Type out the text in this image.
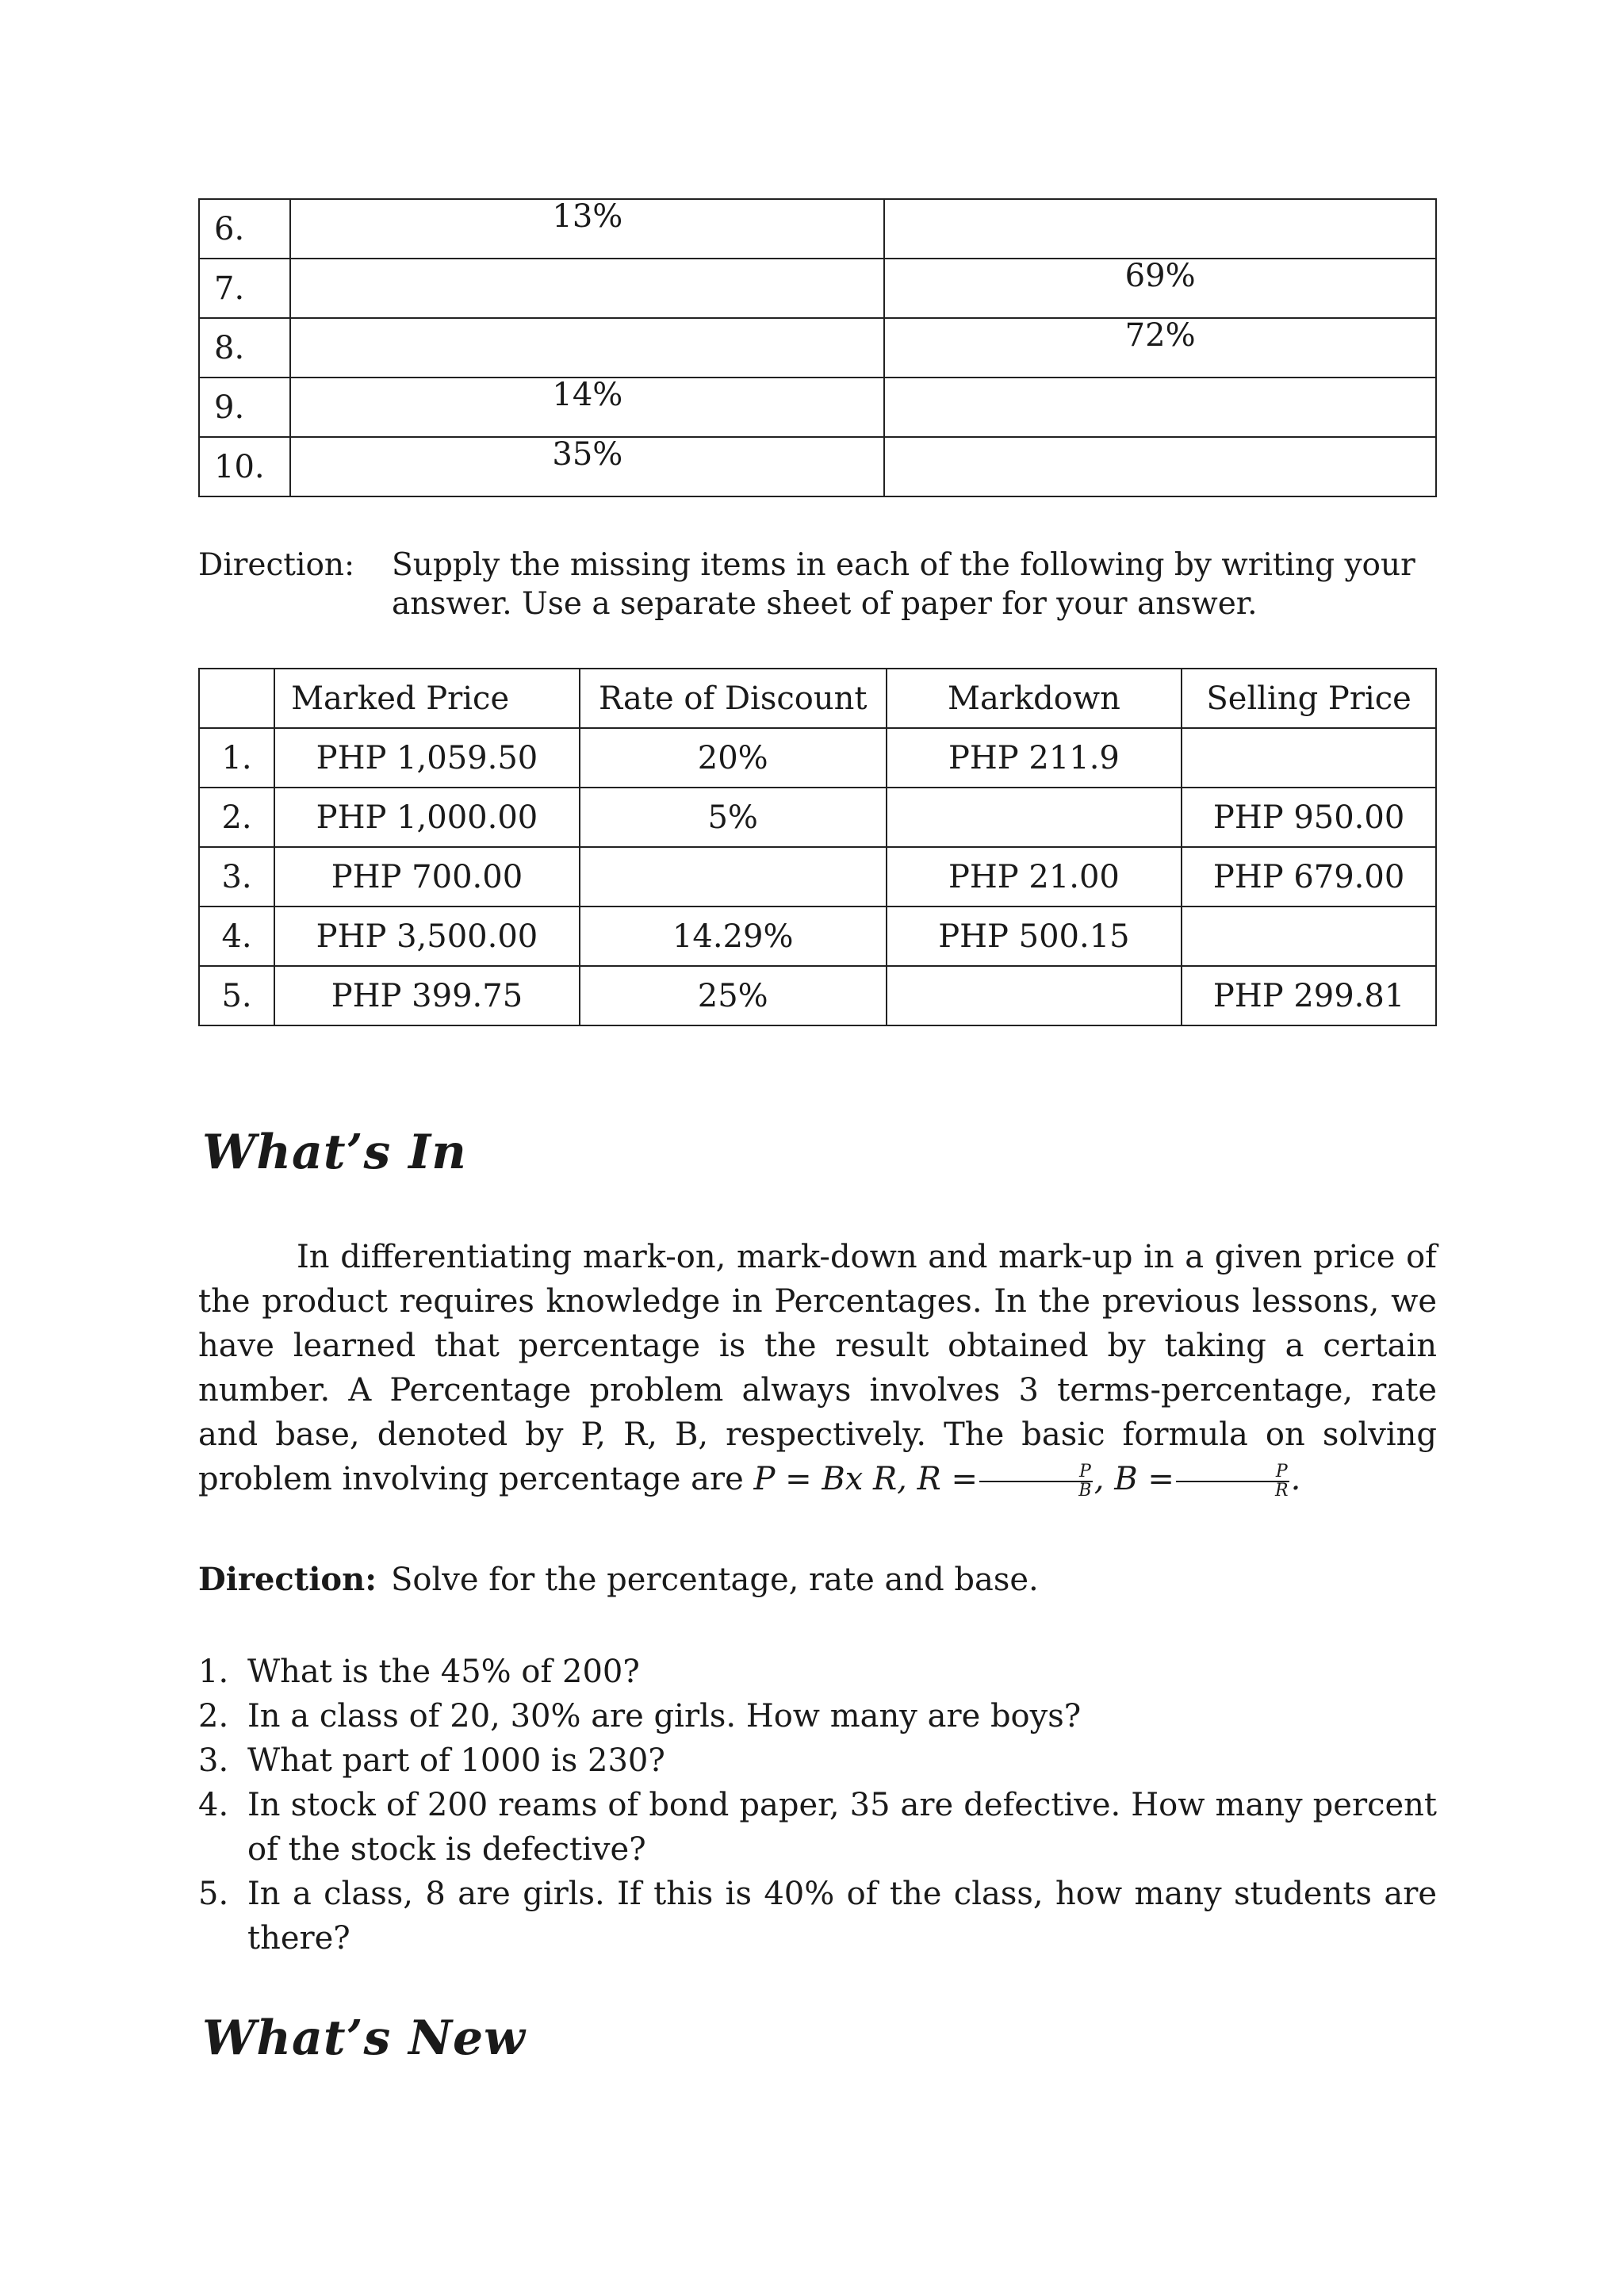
6.	13%	

7.		69%

8.		72%

9.	14%	

10.	35%	

Direction: Supply the missing items in each of the following by writing your answer. Use a separate sheet of paper for your answer.
	Marked Price	Rate of Discount	Markdown	Selling Price
1.	PHP 1,059.50	20%	PHP 211.9	
2.	PHP 1,000.00	5%		PHP 950.00
3.	PHP 700.00		PHP 21.00	PHP 679.00
4.	PHP 3,500.00	14.29%	PHP 500.15	
5.	PHP 399.75	25%		PHP 299.81
What’s In

In differentiating mark-on, mark-down and mark-up in a given price of the product requires knowledge in Percentages. In the previous lessons, we have learned that percentage is the result obtained by taking a certain number. A Percentage problem always involves 3 terms-percentage, rate and base, denoted by P, R, B, respectively. The basic formula on solving problem involving percentage are P = Bx R, $R = \frac{P}{B}$ , $B = \frac{P}{R}$ .

Direction: Solve for the percentage, rate and base.
1. What is the 45% of 200?
2. In a class of 20, 30% are girls. How many are boys?
3. What part of 1000 is 230?
4. In stock of 200 reams of bond paper, 35 are defective. How many percent of the stock is defective?
5. In a class, 8 are girls. If this is 40% of the class, how many students are there?
What’s New
